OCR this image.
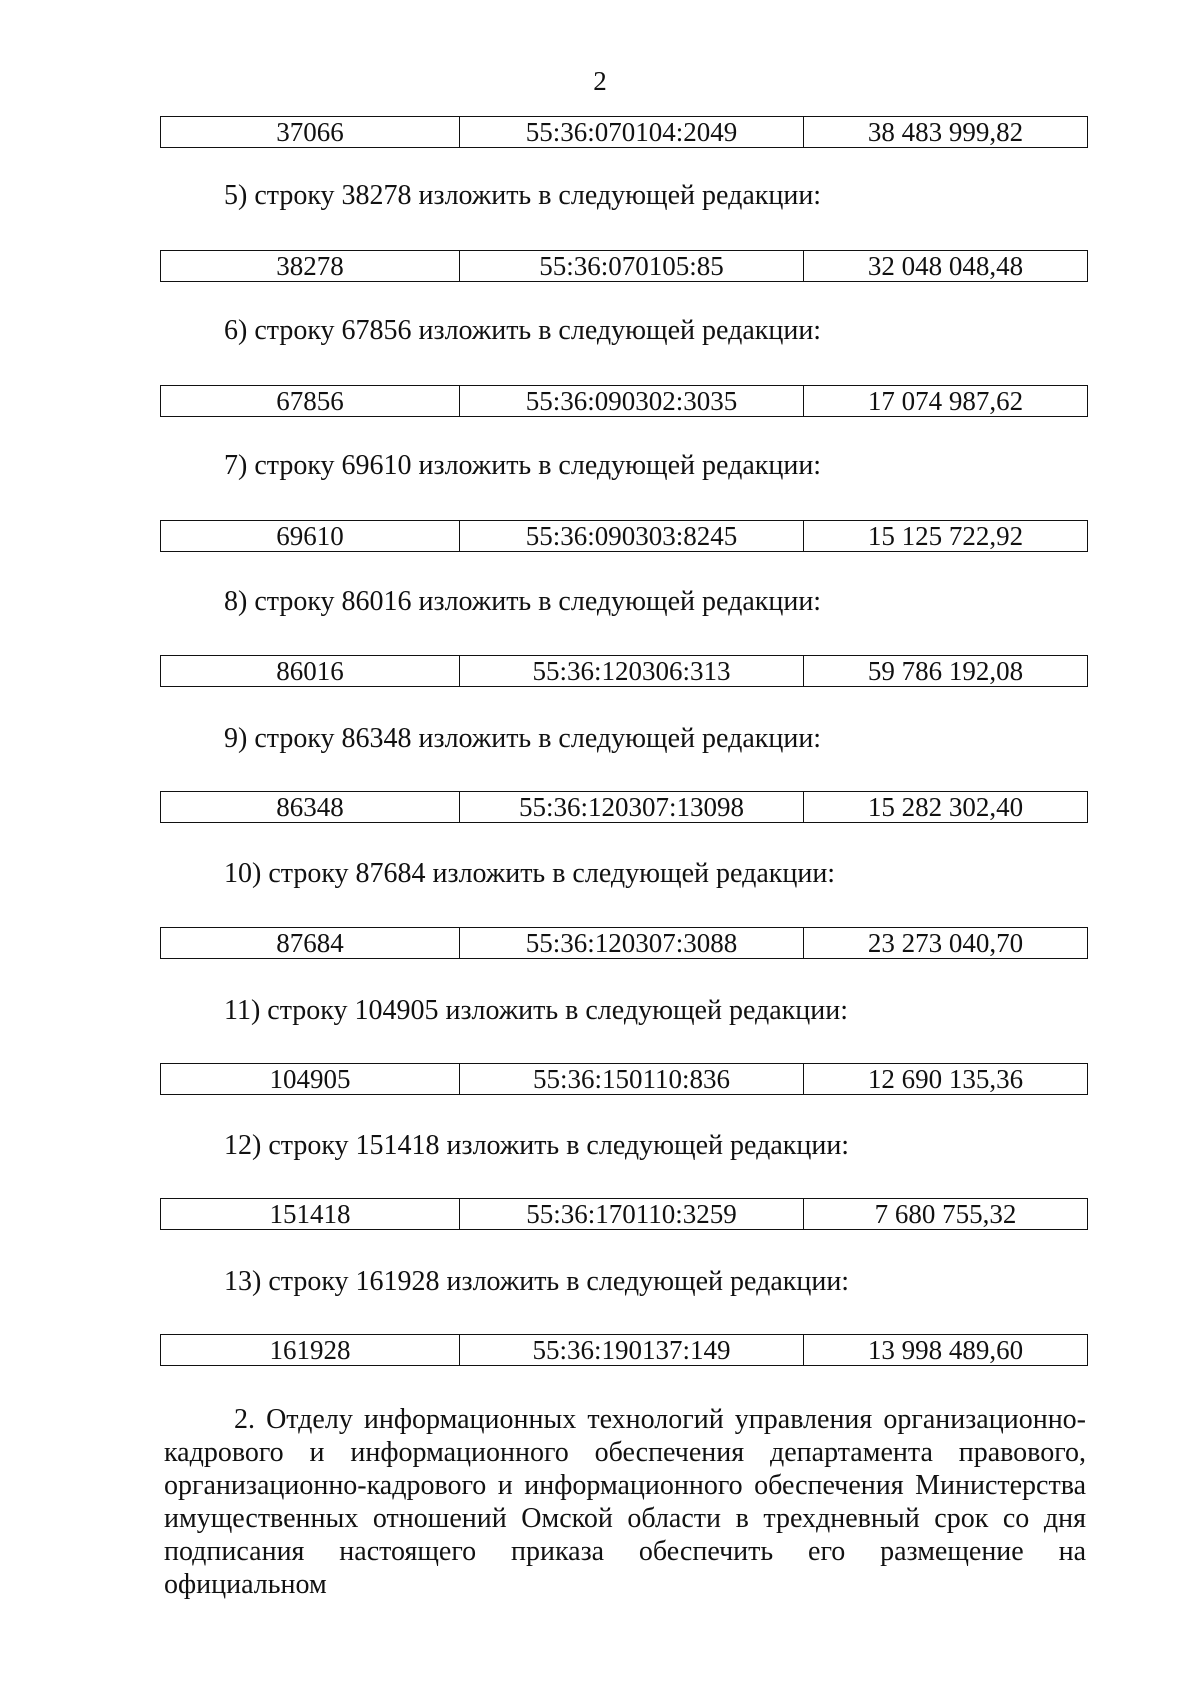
2
37066	55:36:070104:2049	38 483 999,82
5) строку 38278 изложить в следующей редакции:
38278	55:36:070105:85	32 048 048,48
6) строку 67856 изложить в следующей редакции:
67856	55:36:090302:3035	17 074 987,62
7) строку 69610 изложить в следующей редакции:
69610	55:36:090303:8245	15 125 722,92
8) строку 86016 изложить в следующей редакции:
86016	55:36:120306:313	59 786 192,08
9) строку 86348 изложить в следующей редакции:
86348	55:36:120307:13098	15 282 302,40
10) строку 87684 изложить в следующей редакции:
87684	55:36:120307:3088	23 273 040,70
11) строку 104905 изложить в следующей редакции:
104905	55:36:150110:836	12 690 135,36
12) строку 151418 изложить в следующей редакции:
151418	55:36:170110:3259	7 680 755,32
13) строку 161928 изложить в следующей редакции:
161928	55:36:190137:149	13 998 489,60
2. Отделу информационных технологий управления организационно-кадрового и информационного обеспечения департамента правового, организационно-кадрового и информационного обеспечения Министерства имущественных отношений Омской области в трехдневный срок со дня подписания настоящего приказа обеспечить его размещение на официальном
